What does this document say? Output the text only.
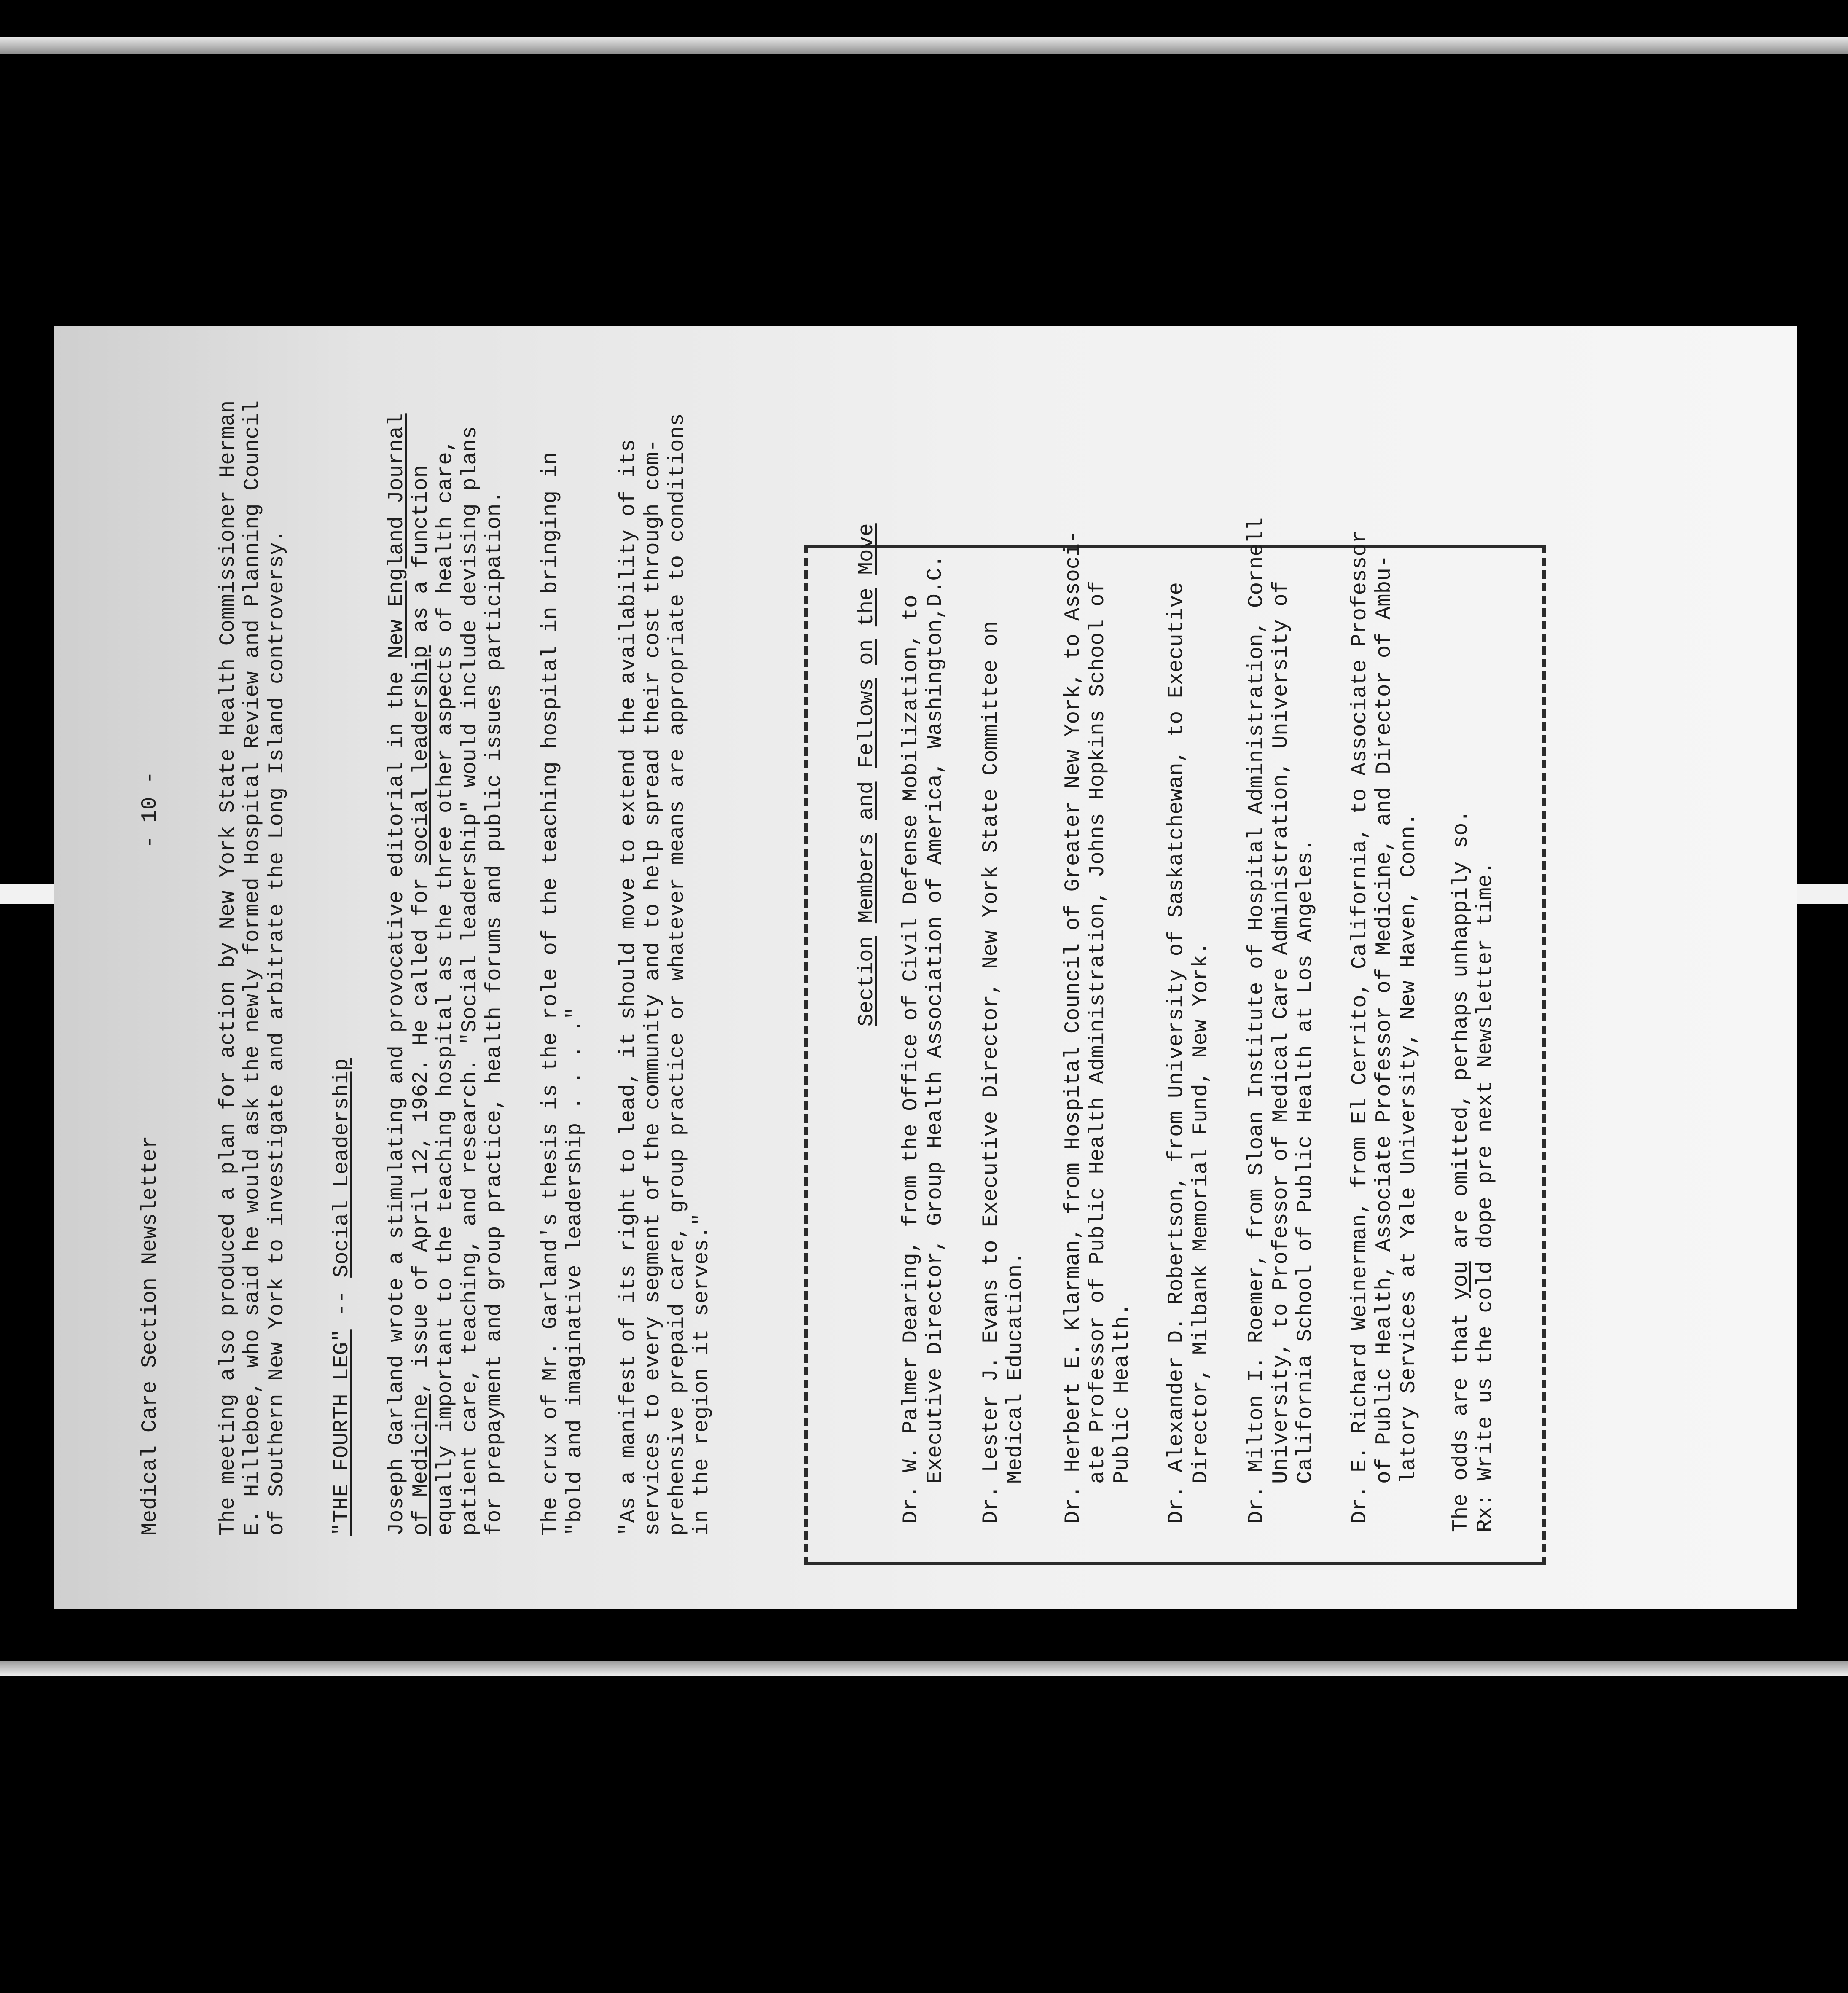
Medical Care Section Newsletter
- 10 -	The meeting also produced a plan for action by New York State Health Commissioner Herman E. Hilleboe, who said he would ask the newly formed Hospital Review and Planning Council of Southern New York to investigate and arbitrate the Long Island controversy. "THE FOURTH LEG" -- Social Leadership Joseph Garland wrote a stimulating and provocative editorial in the New England Journal

of Medicine, issue of April 12, 1962. He called for social leadership as a function equally important to the teaching hospital as the three other aspects of health care, patient care, teaching, and research. "Social leadership" would include devising plans for prepayment and group practice, health forums and public issues participation. The crux of Mr. Garland's thesis is the role of the teaching hospital in bringing in "bold and imaginative leadership . . . ." "As a manifest of its right to lead, it should move to extend the availability of its services to every segment of the community and to help spread their cost through com- prehensive prepaid care, group practice or whatever means are appropriate to conditions in the region it serves."

Section Members and Fellows on the Move
Dr. W. Palmer Dearing, from the Office of Civil Defense Mobilization, to Executive Director, Group Health Association of America, Washington,D.C. Dr. Lester J. Evans to Executive Director, New York State Committee on Medical Education. Dr. Herbert E. Klarman, from Hospital Council of Greater New York, to Associ- ate Professor of Public Health Administration, Johns Hopkins School of Public Health. Dr. Alexander D. Robertson, from University of Saskatchewan, to Executive Director, Milbank Memorial Fund, New York. Dr. Milton I. Roemer, from Sloan Institute of Hospital Administration, Cornell University, to Professor of Medical Care Administration, University of California School of Public Health at Los Angeles. Dr. E. Richard Weinerman, from El Cerrito, California, to Associate Professor of Public Health, Associate Professor of Medicine, and Director of Ambu- latory Services at Yale University, New Haven, Conn. The odds are that you are omitted, perhaps unhappily so. Rx: Write us the cold dope pre next Newsletter time.
